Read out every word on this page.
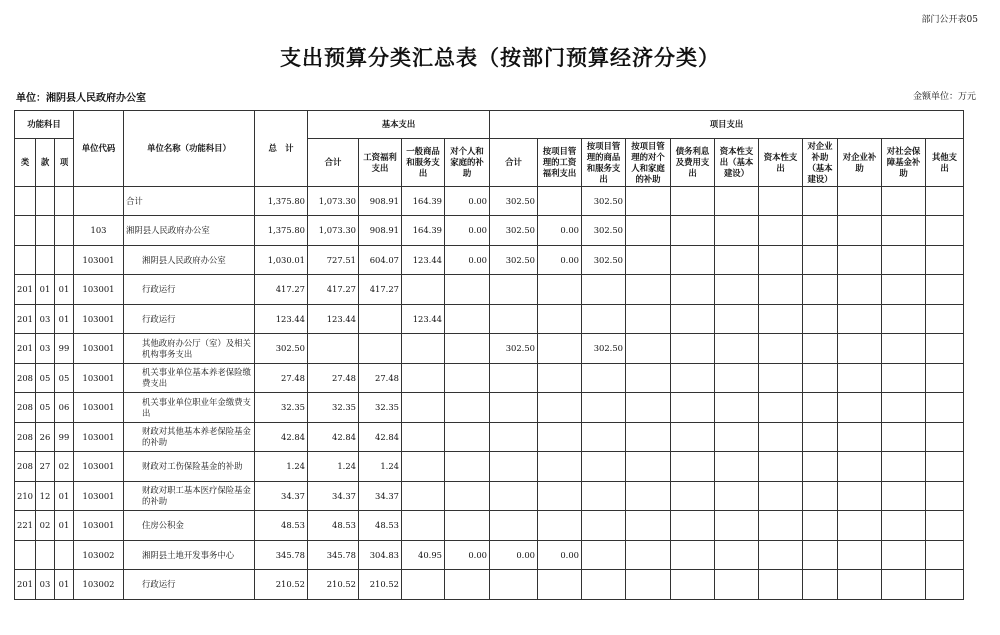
部门公开表05
支出预算分类汇总表（按部门预算经济分类）
单位：湘阴县人民政府办公室	金额单位：万元
功能科目			单位代码	单位名称（功能科目）	总　计	基本支出				项目支出										
类	款	项				合计	工资福利支出	一般商品和服务支出	对个人和家庭的补助	合计	按项目管理的工资福利支出	按项目管理的商品和服务支出	按项目管理的对个人和家庭的补助	债务利息及费用支出	资本性支出（基本建设）	资本性支出	对企业补助（基本建设）	对企业补助	对社会保障基金补助	其他支出
				合计	1,375.80	1,073.30	908.91	164.39	0.00	302.50		302.50								
			103	湘阴县人民政府办公室	1,375.80	1,073.30	908.91	164.39	0.00	302.50	0.00	302.50								
			103001	湘阴县人民政府办公室	1,030.01	727.51	604.07	123.44	0.00	302.50	0.00	302.50								
201	01	01	103001	行政运行	417.27	417.27	417.27													
201	03	01	103001	行政运行	123.44	123.44		123.44												
201	03	99	103001	其他政府办公厅（室）及相关机构事务支出	302.50					302.50		302.50								
208	05	05	103001	机关事业单位基本养老保险缴费支出	27.48	27.48	27.48													
208	05	06	103001	机关事业单位职业年金缴费支出	32.35	32.35	32.35													
208	26	99	103001	财政对其他基本养老保险基金的补助	42.84	42.84	42.84													
208	27	02	103001	财政对工伤保险基金的补助	1.24	1.24	1.24													
210	12	01	103001	财政对职工基本医疗保险基金的补助	34.37	34.37	34.37													
221	02	01	103001	住房公积金	48.53	48.53	48.53													
			103002	湘阴县土地开发事务中心	345.78	345.78	304.83	40.95	0.00	0.00	0.00									
201	03	01	103002	行政运行	210.52	210.52	210.52													
